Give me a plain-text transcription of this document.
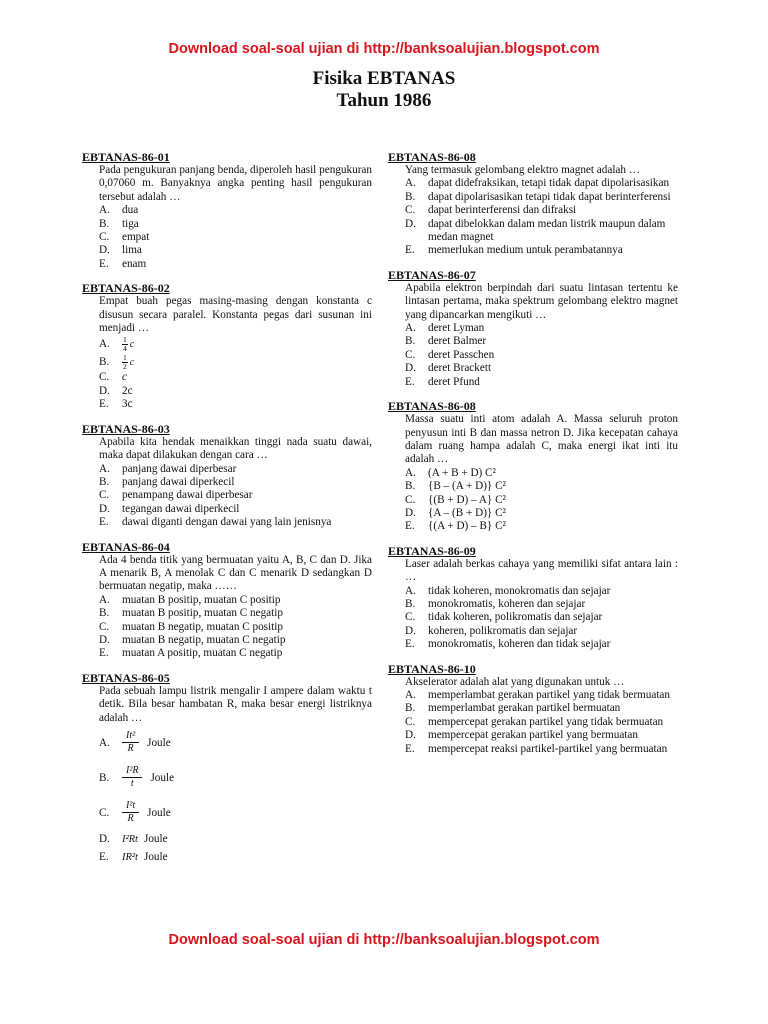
Download soal-soal ujian di http://banksoalujian.blogspot.com
Fisika EBTANAS
Tahun 1986
EBTANAS-86-01
Pada pengukuran panjang benda, diperoleh hasil pengukuran 0,07060 m. Banyaknya angka penting hasil pengukuran tersebut adalah …
A.	dua
B.	tiga
C.	empat
D.	lima
E.	enam
EBTANAS-86-02
Empat buah pegas masing-masing dengan konstanta c disusun secara paralel. Konstanta pegas dari susunan ini menjadi …
A.	$\frac{1}{4}$ c
B.	$\frac{1}{2}$ c
C.	c
D.	2c
E.	3c
EBTANAS-86-03
Apabila kita hendak menaikkan tinggi nada suatu dawai, maka dapat dilakukan dengan cara …
A.	panjang dawai diperbesar
B.	panjang dawai diperkecil
C.	penampang dawai diperbesar
D.	tegangan dawai diperkecil
E.	dawai diganti dengan dawai yang lain jenisnya
EBTANAS-86-04
Ada 4 benda titik yang bermuatan yaitu A, B, C dan D. Jika A menarik B, A menolak C dan C menarik D sedangkan D bermuatan negatip, maka ……
A.	muatan B positip, muatan C positip
B.	muatan B positip, muatan C negatip
C.	muatan B negatip, muatan C positip
D.	muatan B negatip, muatan C negatip
E.	muatan A positip, muatan C negatip
EBTANAS-86-05
Pada sebuah lampu listrik mengalir I ampere dalam waktu t detik. Bila besar hambatan R, maka besar energi listriknya adalah …
A.	$\frac{\text{It²}}{R}$ Joule
B.	$\frac{\text{I²R}}{t}$ Joule
C.	$\frac{\text{I²t}}{R}$ Joule
D.	I²Rt Joule
E.	IR²t Joule
EBTANAS-86-08
Yang termasuk gelombang elektro magnet adalah …
A.	dapat didefraksikan, tetapi tidak dapat dipolarisasikan
B.	dapat dipolarisasikan tetapi tidak dapat berinterferensi
C.	dapat berinterferensi dan difraksi
D.	dapat dibelokkan dalam medan listrik maupun dalam medan magnet
E.	memerlukan medium untuk perambatannya
EBTANAS-86-07
Apabila elektron berpindah dari suatu lintasan tertentu ke lintasan pertama, maka spektrum gelombang elektro magnet yang dipancarkan mengikuti …
A.	deret Lyman
B.	deret Balmer
C.	deret Passchen
D.	deret Brackett
E.	deret Pfund
EBTANAS-86-08
Massa suatu inti atom adalah A. Massa seluruh proton penyusun inti B dan massa netron D. Jika kecepatan cahaya dalam ruang hampa adalah C, maka energi ikat inti itu adalah …
A.	(A + B + D) C²
B.	{B – (A + D)} C²
C.	{(B + D) – A} C²
D.	{A – (B + D)} C²
E.	{(A + D) – B} C²
EBTANAS-86-09
Laser adalah berkas cahaya yang memiliki sifat antara lain : …
A.	tidak koheren, monokromatis dan sejajar
B.	monokromatis, koheren dan sejajar
C.	tidak koheren, polikromatis dan sejajar
D.	koheren, polikromatis dan sejajar
E.	monokromatis, koheren dan tidak sejajar
EBTANAS-86-10
Akselerator adalah alat yang digunakan untuk …
A.	memperlambat gerakan partikel yang tidak bermuatan
B.	memperlambat gerakan partikel bermuatan
C.	mempercepat gerakan partikel yang tidak bermuatan
D.	mempercepat gerakan partikel yang bermuatan
E.	mempercepat reaksi partikel-partikel yang bermuatan
Download soal-soal ujian di http://banksoalujian.blogspot.com
